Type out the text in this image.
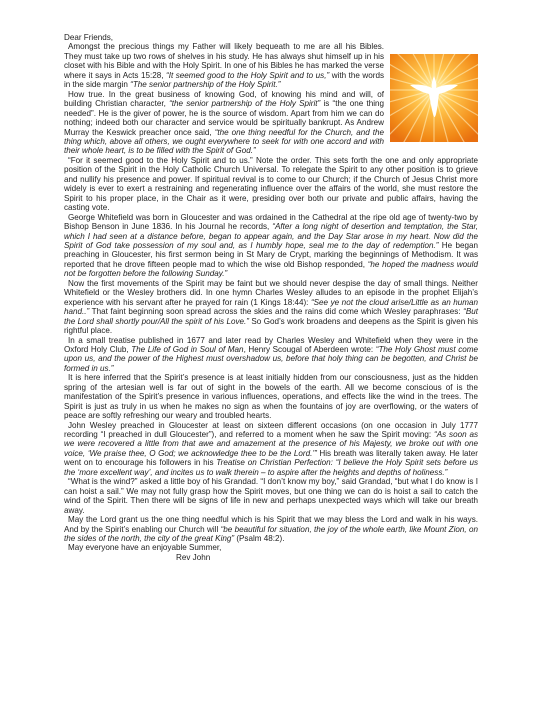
Dear Friends,

Amongst the precious things my Father will likely bequeath to me are all his Bibles. They must take up two rows of shelves in his study. He has always shut himself up in his closet with his Bible and with the Holy Spirit. In one of his Bibles he has marked the verse where it says in Acts 15:28, “It seemed good to the Holy Spirit and to us,” with the words in the side margin “The senior partnership of the Holy Spirit.”

How true. In the great business of knowing God, of knowing his mind and will, of building Christian character, “the senior partnership of the Holy Spirit” is “the one thing needed”. He is the giver of power, he is the source of wisdom. Apart from him we can do nothing; indeed both our character and service would be spiritually bankrupt. As Andrew Murray the Keswick preacher once said, “the one thing needful for the Church, and the thing which, above all others, we ought everywhere to seek for with one accord and with their whole heart, is to be filled with the Spirit of God.”

“For it seemed good to the Holy Spirit and to us.” Note the order. This sets forth the one and only appropriate position of the Spirit in the Holy Catholic Church Universal. To relegate the Spirit to any other position is to grieve and nullify his presence and power. If spiritual revival is to come to our Church; if the Church of Jesus Christ more widely is ever to exert a restraining and regenerating influence over the affairs of the world, she must restore the Spirit to his proper place, in the Chair as it were, presiding over both our private and public affairs, having the casting vote.

George Whitefield was born in Gloucester and was ordained in the Cathedral at the ripe old age of twenty-two by Bishop Benson in June 1836. In his Journal he records, “After a long night of desertion and temptation, the Star, which I had seen at a distance before, began to appear again, and the Day Star arose in my heart. Now did the Spirit of God take possession of my soul and, as I humbly hope, seal me to the day of redemption.” He began preaching in Gloucester, his first sermon being in St Mary de Crypt, marking the beginnings of Methodism. It was reported that he drove fifteen people mad to which the wise old Bishop responded, “he hoped the madness would not be forgotten before the following Sunday.”

Now the first movements of the Spirit may be faint but we should never despise the day of small things. Neither Whitefield or the Wesley brothers did. In one hymn Charles Wesley alludes to an episode in the prophet Elijah’s experience with his servant after he prayed for rain (1 Kings 18:44): “See ye not the cloud arise/Little as an human hand..” That faint beginning soon spread across the skies and the rains did come which Wesley paraphrases: “But the Lord shall shortly pour/All the spirit of his Love.” So God’s work broadens and deepens as the Spirit is given his rightful place.

In a small treatise published in 1677 and later read by Charles Wesley and Whitefield when they were in the Oxford Holy Club, The Life of God in Soul of Man, Henry Scougal of Aberdeen wrote: “The Holy Ghost must come upon us, and the power of the Highest must overshadow us, before that holy thing can be begotten, and Christ be formed in us.”

It is here inferred that the Spirit’s presence is at least initially hidden from our consciousness, just as the hidden spring of the artesian well is far out of sight in the bowels of the earth. All we become conscious of is the manifestation of the Spirit’s presence in various influences, operations, and effects like the wind in the trees. The Spirit is just as truly in us when he makes no sign as when the fountains of joy are overflowing, or the waters of peace are softly refreshing our weary and troubled hearts.

John Wesley preached in Gloucester at least on sixteen different occasions (on one occasion in July 1777 recording “I preached in dull Gloucester”), and referred to a moment when he saw the Spirit moving: “As soon as we were recovered a little from that awe and amazement at the presence of his Majesty, we broke out with one voice, ‘We praise thee, O God; we acknowledge thee to be the Lord.’” His breath was literally taken away. He later went on to encourage his followers in his Treatise on Christian Perfection: “I believe the Holy Spirit sets before us the ‘more excellent way’, and incites us to walk therein – to aspire after the heights and depths of holiness.”

“What is the wind?” asked a little boy of his Grandad. “I don’t know my boy,” said Grandad, “but what I do know is I can hoist a sail.” We may not fully grasp how the Spirit moves, but one thing we can do is hoist a sail to catch the wind of the Spirit. Then there will be signs of life in new and perhaps unexpected ways which will take our breath away.

May the Lord grant us the one thing needful which is his Spirit that we may bless the Lord and walk in his ways. And by the Spirit’s enabling our Church will “be beautiful for situation, the joy of the whole earth, like Mount Zion, on the sides of the north, the city of the great King” (Psalm 48:2).

May everyone have an enjoyable Summer,

Rev John
